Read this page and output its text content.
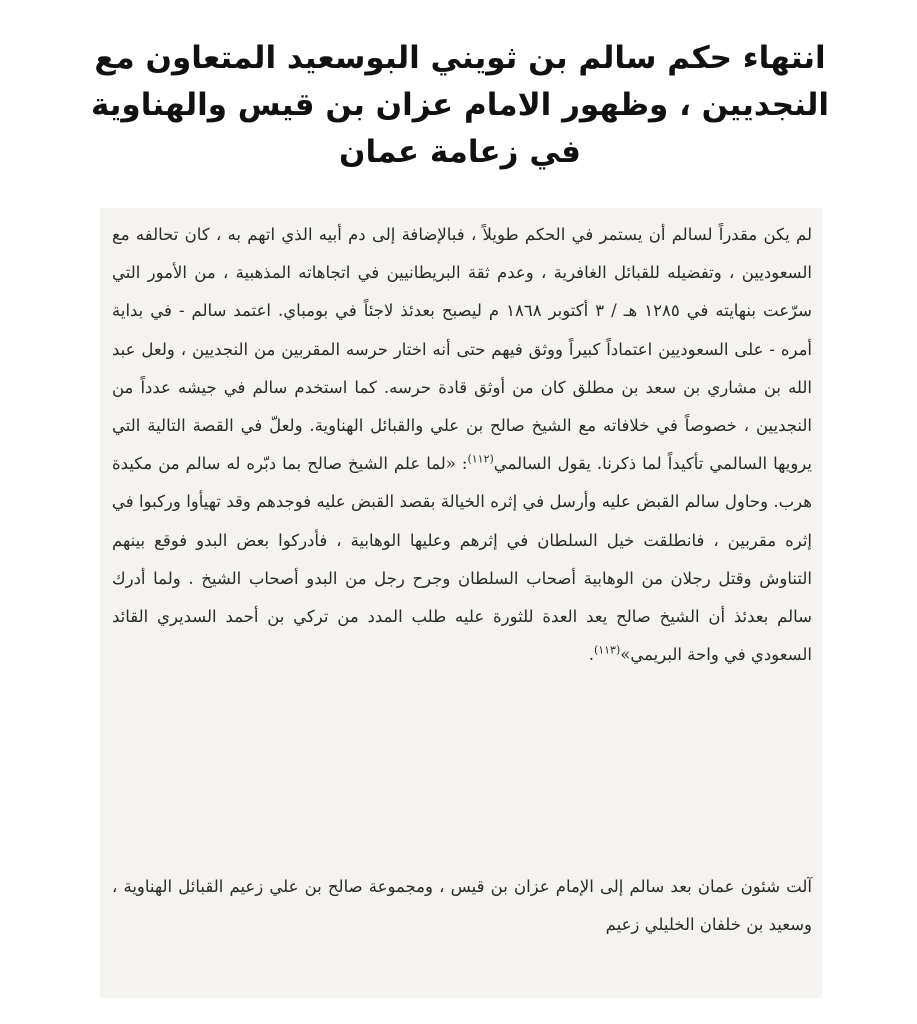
انتهاء حكم سالم بن ثويني البوسعيد المتعاون مع النجديين ، وظهور الامام عزان بن قيس والهناوية في زعامة عمان

لم يكن مقدراً لسالم أن يستمر في الحكم طويلاً ، فبالإضافة إلى دم أبيه الذي اتهم به ، كان تحالفه مع السعوديين ، وتفضيله للقبائل الغافرية ، وعدم ثقة البريطانيين في اتجاهاته المذهبية ، من الأمور التي سرّعت بنهايته في ١٢٨٥ هـ / ٣ أكتوبر ١٨٦٨ م ليصبح بعدئذ لاجئاً في بومباي. اعتمد سالم - في بداية أمره - على السعوديين اعتماداً كبيراً ووثق فيهم حتى أنه اختار حرسه المقربين من النجديين ، ولعل عبد الله بن مشاري بن سعد بن مطلق كان من أوثق قادة حرسه. كما استخدم سالم في جيشه عدداً من النجديين ، خصوصاً في خلافاته مع الشيخ صالح بن علي والقبائل الهناوية. ولعلّ في القصة التالية التي يرويها السالمي تأكيداً لما ذكرنا. يقول السالمي$^{(١١٢)}$: «لما علم الشيخ صالح بما دبّره له سالم من مكيدة هرب. وحاول سالم القبض عليه وأرسل في إثره الخيالة بقصد القبض عليه فوجدهم وقد تهيأوا وركبوا في إثره مقربين ، فانطلقت خيل السلطان في إثرهم وعليها الوهابية ، فأدركوا بعض البدو فوقع بينهم التناوش وقتل رجلان من الوهابية أصحاب السلطان وجرح رجل من البدو أصحاب الشيخ . ولما أدرك سالم بعدئذ أن الشيخ صالح يعد العدة للثورة عليه طلب المدد من تركي بن أحمد السديري القائد السعودي في واحة البريمي»$^{(١١٣)}$.

آلت شئون عمان بعد سالم إلى الإمام عزان بن قيس ، ومجموعة صالح بن علي زعيم القبائل الهناوية ، وسعيد بن خلفان الخليلي زعيم
